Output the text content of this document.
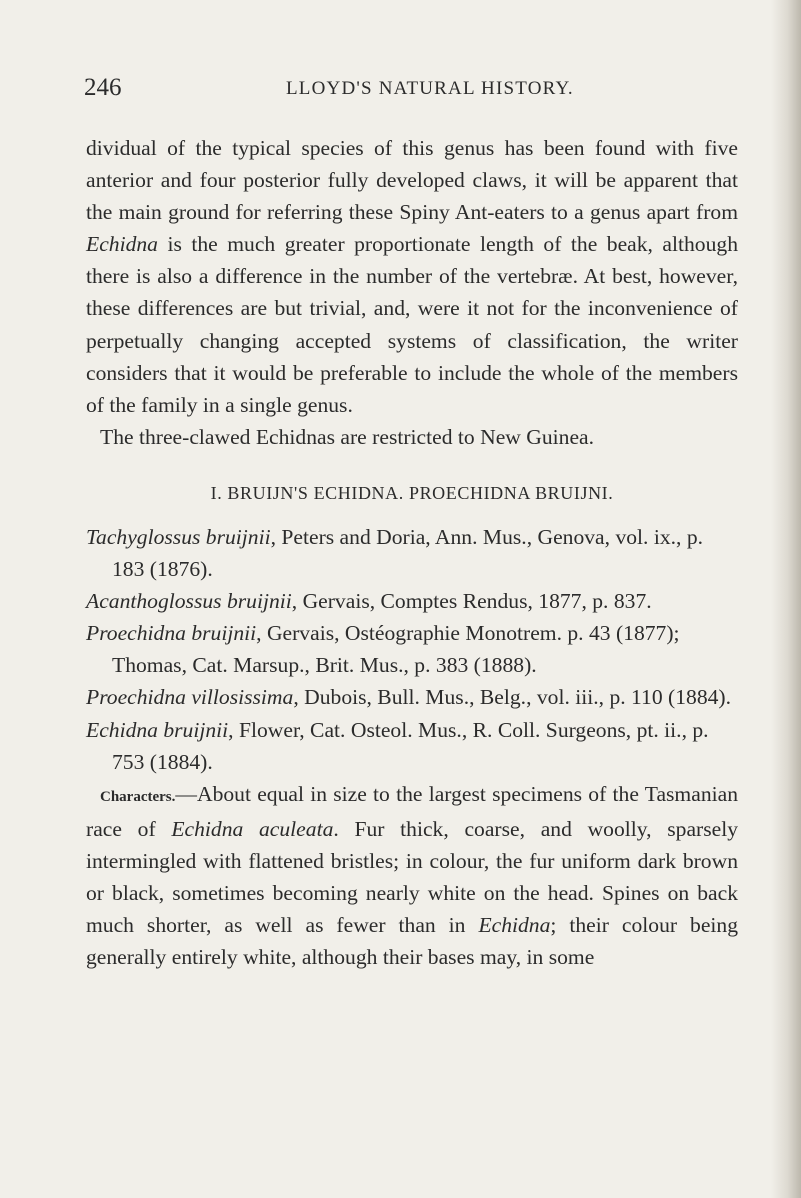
246	LLOYD'S NATURAL HISTORY.

dividual of the typical species of this genus has been found with five anterior and four posterior fully developed claws, it will be apparent that the main ground for referring these Spiny Ant-eaters to a genus apart from Echidna is the much greater proportionate length of the beak, although there is also a difference in the number of the vertebræ. At best, however, these differences are but trivial, and, were it not for the inconvenience of perpetually changing accepted systems of classification, the writer considers that it would be preferable to include the whole of the members of the family in a single genus.

The three-clawed Echidnas are restricted to New Guinea.

I. BRUIJN'S ECHIDNA. PROECHIDNA BRUIJNI.

Tachyglossus bruijnii, Peters and Doria, Ann. Mus., Genova, vol. ix., p. 183 (1876).

Acanthoglossus bruijnii, Gervais, Comptes Rendus, 1877, p. 837.

Proechidna bruijnii, Gervais, Ostéographie Monotrem. p. 43 (1877); Thomas, Cat. Marsup., Brit. Mus., p. 383 (1888).

Proechidna villosissima, Dubois, Bull. Mus., Belg., vol. iii., p. 110 (1884).

Echidna bruijnii, Flower, Cat. Osteol. Mus., R. Coll. Surgeons, pt. ii., p. 753 (1884).

Characters.—About equal in size to the largest specimens of the Tasmanian race of Echidna aculeata. Fur thick, coarse, and woolly, sparsely intermingled with flattened bristles; in colour, the fur uniform dark brown or black, sometimes becoming nearly white on the head. Spines on back much shorter, as well as fewer than in Echidna; their colour being generally entirely white, although their bases may, in some
